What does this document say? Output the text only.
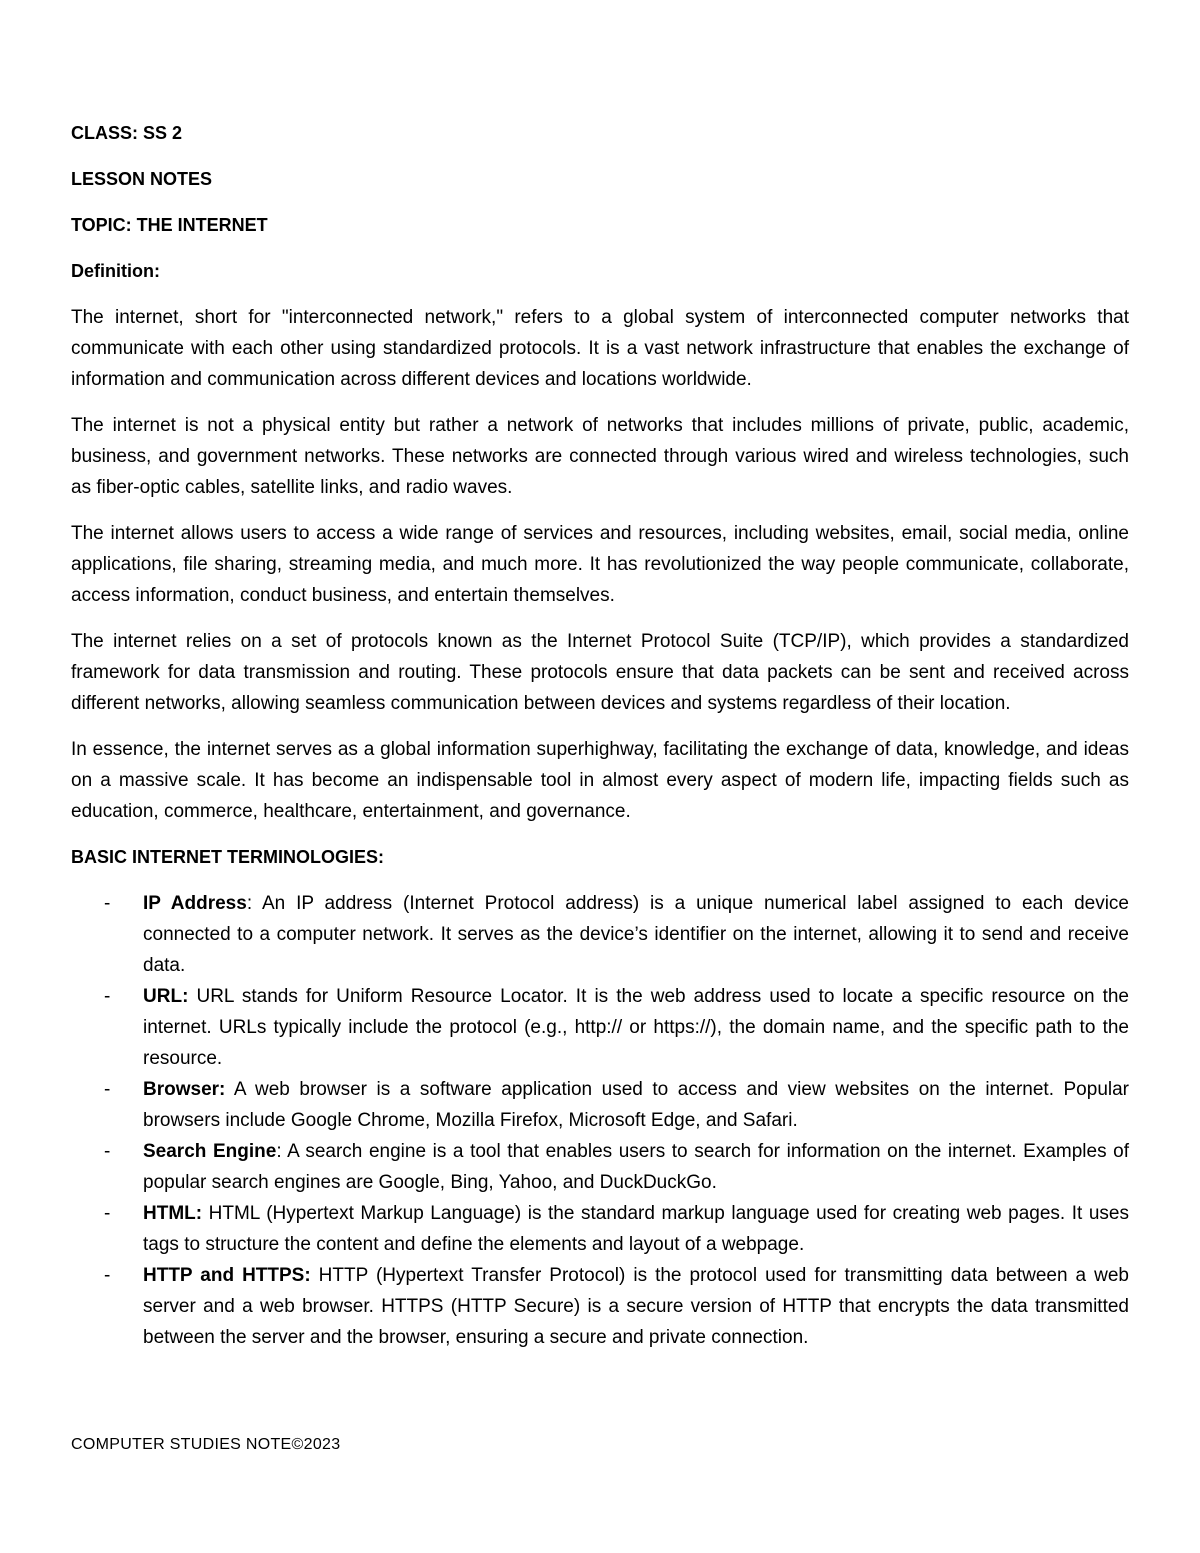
CLASS: SS 2
LESSON NOTES
TOPIC: THE INTERNET
Definition:

The internet, short for "interconnected network," refers to a global system of interconnected computer networks that communicate with each other using standardized protocols. It is a vast network infrastructure that enables the exchange of information and communication across different devices and locations worldwide.

The internet is not a physical entity but rather a network of networks that includes millions of private, public, academic, business, and government networks. These networks are connected through various wired and wireless technologies, such as fiber-optic cables, satellite links, and radio waves.

The internet allows users to access a wide range of services and resources, including websites, email, social media, online applications, file sharing, streaming media, and much more. It has revolutionized the way people communicate, collaborate, access information, conduct business, and entertain themselves.

The internet relies on a set of protocols known as the Internet Protocol Suite (TCP/IP), which provides a standardized framework for data transmission and routing. These protocols ensure that data packets can be sent and received across different networks, allowing seamless communication between devices and systems regardless of their location.

In essence, the internet serves as a global information superhighway, facilitating the exchange of data, knowledge, and ideas on a massive scale. It has become an indispensable tool in almost every aspect of modern life, impacting fields such as education, commerce, healthcare, entertainment, and governance.

BASIC INTERNET TERMINOLOGIES:
- IP Address: An IP address (Internet Protocol address) is a unique numerical label assigned to each device connected to a computer network. It serves as the device’s identifier on the internet, allowing it to send and receive data.
- URL: URL stands for Uniform Resource Locator. It is the web address used to locate a specific resource on the internet. URLs typically include the protocol (e.g., http:// or https://), the domain name, and the specific path to the resource.
- Browser: A web browser is a software application used to access and view websites on the internet. Popular browsers include Google Chrome, Mozilla Firefox, Microsoft Edge, and Safari.
- Search Engine: A search engine is a tool that enables users to search for information on the internet. Examples of popular search engines are Google, Bing, Yahoo, and DuckDuckGo.
- HTML: HTML (Hypertext Markup Language) is the standard markup language used for creating web pages. It uses tags to structure the content and define the elements and layout of a webpage.
- HTTP and HTTPS: HTTP (Hypertext Transfer Protocol) is the protocol used for transmitting data between a web server and a web browser. HTTPS (HTTP Secure) is a secure version of HTTP that encrypts the data transmitted between the server and the browser, ensuring a secure and private connection.
COMPUTER STUDIES NOTE©2023
